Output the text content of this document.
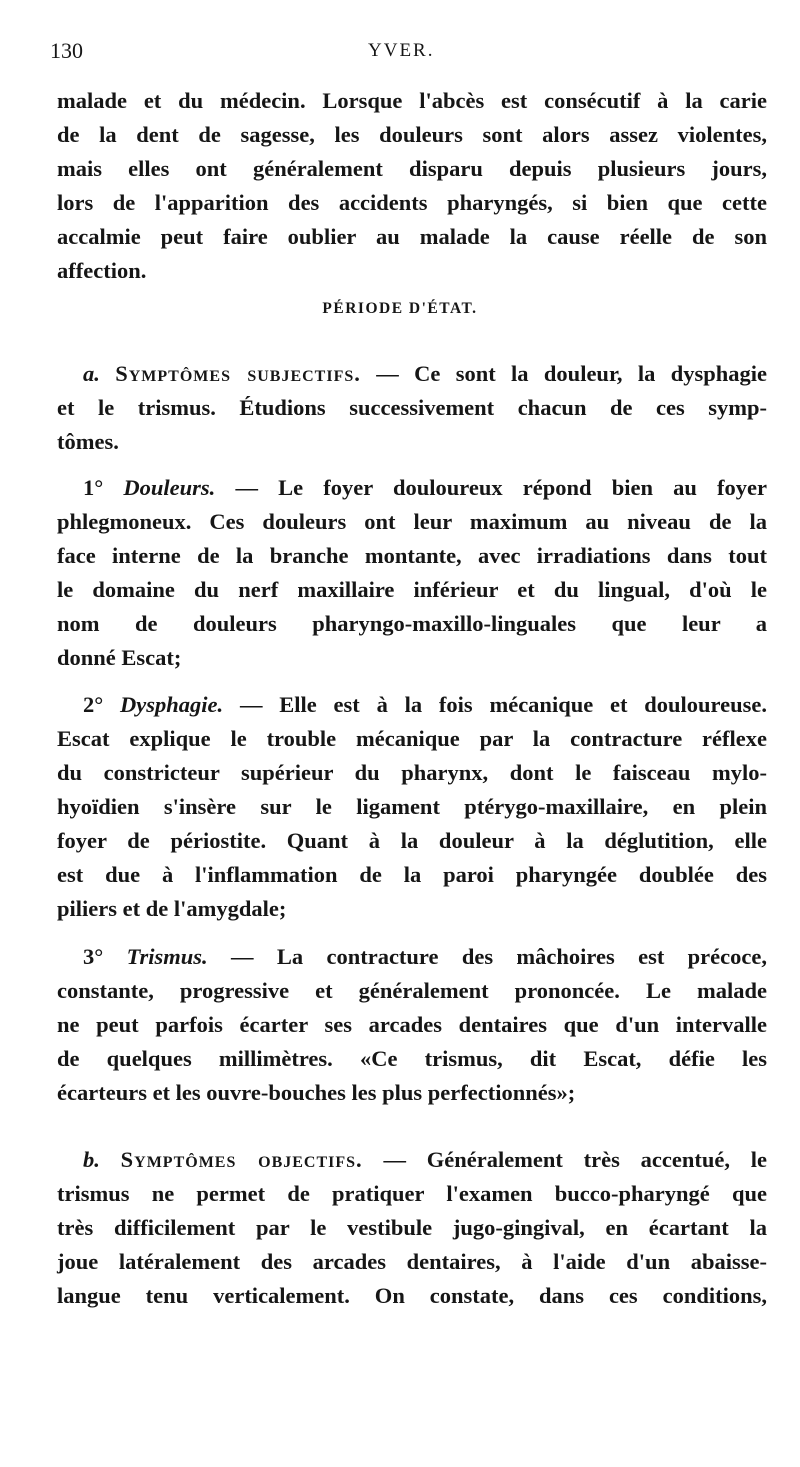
130	YVER.
malade et du médecin. Lorsque l'abcès est consécutif à la carie
de la dent de sagesse, les douleurs sont alors assez violentes,
mais elles ont généralement disparu depuis plusieurs jours,
lors de l'apparition des accidents pharyngés, si bien que cette
accalmie peut faire oublier au malade la cause réelle de son
affection.
PÉRIODE D'ÉTAT.
a. Symptômes subjectifs. — Ce sont la douleur, la dysphagie
et le trismus. Étudions successivement chacun de ces symp-
tômes.
1° Douleurs. — Le foyer douloureux répond bien au foyer
phlegmoneux. Ces douleurs ont leur maximum au niveau de la
face interne de la branche montante, avec irradiations dans tout
le domaine du nerf maxillaire inférieur et du lingual, d'où le
nom de douleurs pharyngo-maxillo-linguales que leur a
donné Escat;
2° Dysphagie. — Elle est à la fois mécanique et douloureuse.
Escat explique le trouble mécanique par la contracture réflexe
du constricteur supérieur du pharynx, dont le faisceau mylo-
hyoïdien s'insère sur le ligament ptérygo-maxillaire, en plein
foyer de périostite. Quant à la douleur à la déglutition, elle
est due à l'inflammation de la paroi pharyngée doublée des
piliers et de l'amygdale;
3° Trismus. — La contracture des mâchoires est précoce,
constante, progressive et généralement prononcée. Le malade
ne peut parfois écarter ses arcades dentaires que d'un intervalle
de quelques millimètres. «Ce trismus, dit Escat, défie les
écarteurs et les ouvre-bouches les plus perfectionnés»;
b. Symptômes objectifs. — Généralement très accentué, le
trismus ne permet de pratiquer l'examen bucco-pharyngé que
très difficilement par le vestibule jugo-gingival, en écartant la
joue latéralement des arcades dentaires, à l'aide d'un abaisse-
langue tenu verticalement. On constate, dans ces conditions,
